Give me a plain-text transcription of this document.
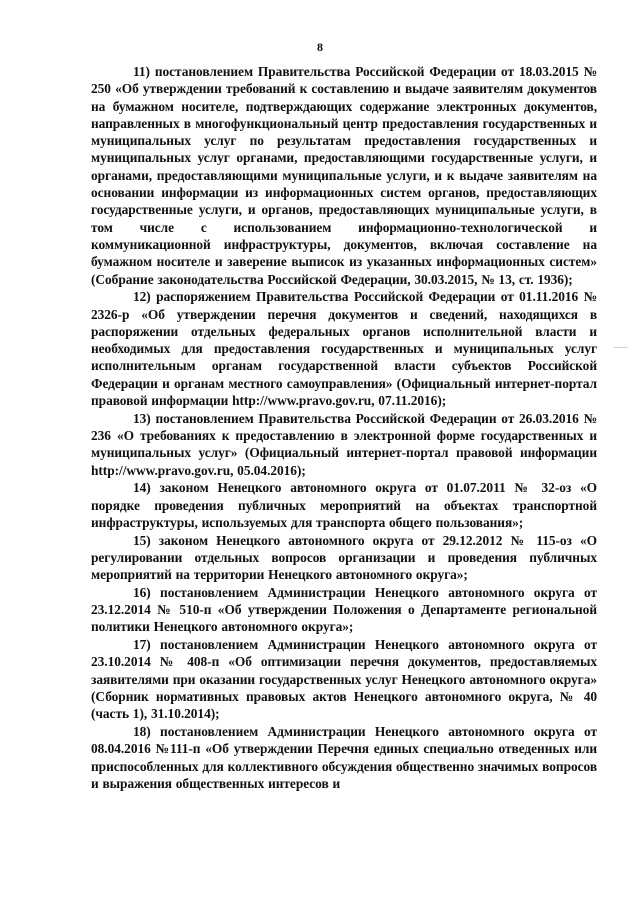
8

11) постановлением Правительства Российской Федерации от 18.03.2015 № 250 «Об утверждении требований к составлению и выдаче заявителям документов на бумажном носителе, подтверждающих содержание электронных документов, направленных в многофункциональный центр предоставления государственных и муниципальных услуг по результатам предоставления государственных и муниципальных услуг органами, предоставляющими государственные услуги, и органами, предоставляющими муниципальные услуги, и к выдаче заявителям на основании информации из информационных систем органов, предоставляющих государственные услуги, и органов, предоставляющих муниципальные услуги, в том числе с использованием информационно-технологической и коммуникационной инфраструктуры, документов, включая составление на бумажном носителе и заверение выписок из указанных информационных систем» (Собрание законодательства Российской Федерации, 30.03.2015, № 13, ст. 1936);

12) распоряжением Правительства Российской Федерации от 01.11.2016 № 2326-р «Об утверждении перечня документов и сведений, находящихся в распоряжении отдельных федеральных органов исполнительной власти и необходимых для предоставления государственных и муниципальных услуг исполнительным органам государственной власти субъектов Российской Федерации и органам местного самоуправления» (Официальный интернет-портал правовой информации http://www.pravo.gov.ru, 07.11.2016);

13) постановлением Правительства Российской Федерации от 26.03.2016 № 236 «О требованиях к предоставлению в электронной форме государственных и муниципальных услуг» (Официальный интернет-портал правовой информации http://www.pravo.gov.ru, 05.04.2016);

14) законом Ненецкого автономного округа от 01.07.2011 № 32-оз «О порядке проведения публичных мероприятий на объектах транспортной инфраструктуры, используемых для транспорта общего пользования»;

15) законом Ненецкого автономного округа от 29.12.2012 № 115-оз «О регулировании отдельных вопросов организации и проведения публичных мероприятий на территории Ненецкого автономного округа»;

16) постановлением Администрации Ненецкого автономного округа от 23.12.2014 № 510-п «Об утверждении Положения о Департаменте региональной политики Ненецкого автономного округа»;

17) постановлением Администрации Ненецкого автономного округа от 23.10.2014 № 408-п «Об оптимизации перечня документов, предоставляемых заявителями при оказании государственных услуг Ненецкого автономного округа» (Сборник нормативных правовых актов Ненецкого автономного округа, № 40 (часть 1), 31.10.2014);

18) постановлением Администрации Ненецкого автономного округа от 08.04.2016 №111-п «Об утверждении Перечня единых специально отведенных или приспособленных для коллективного обсуждения общественно значимых вопросов и выражения общественных интересов и
